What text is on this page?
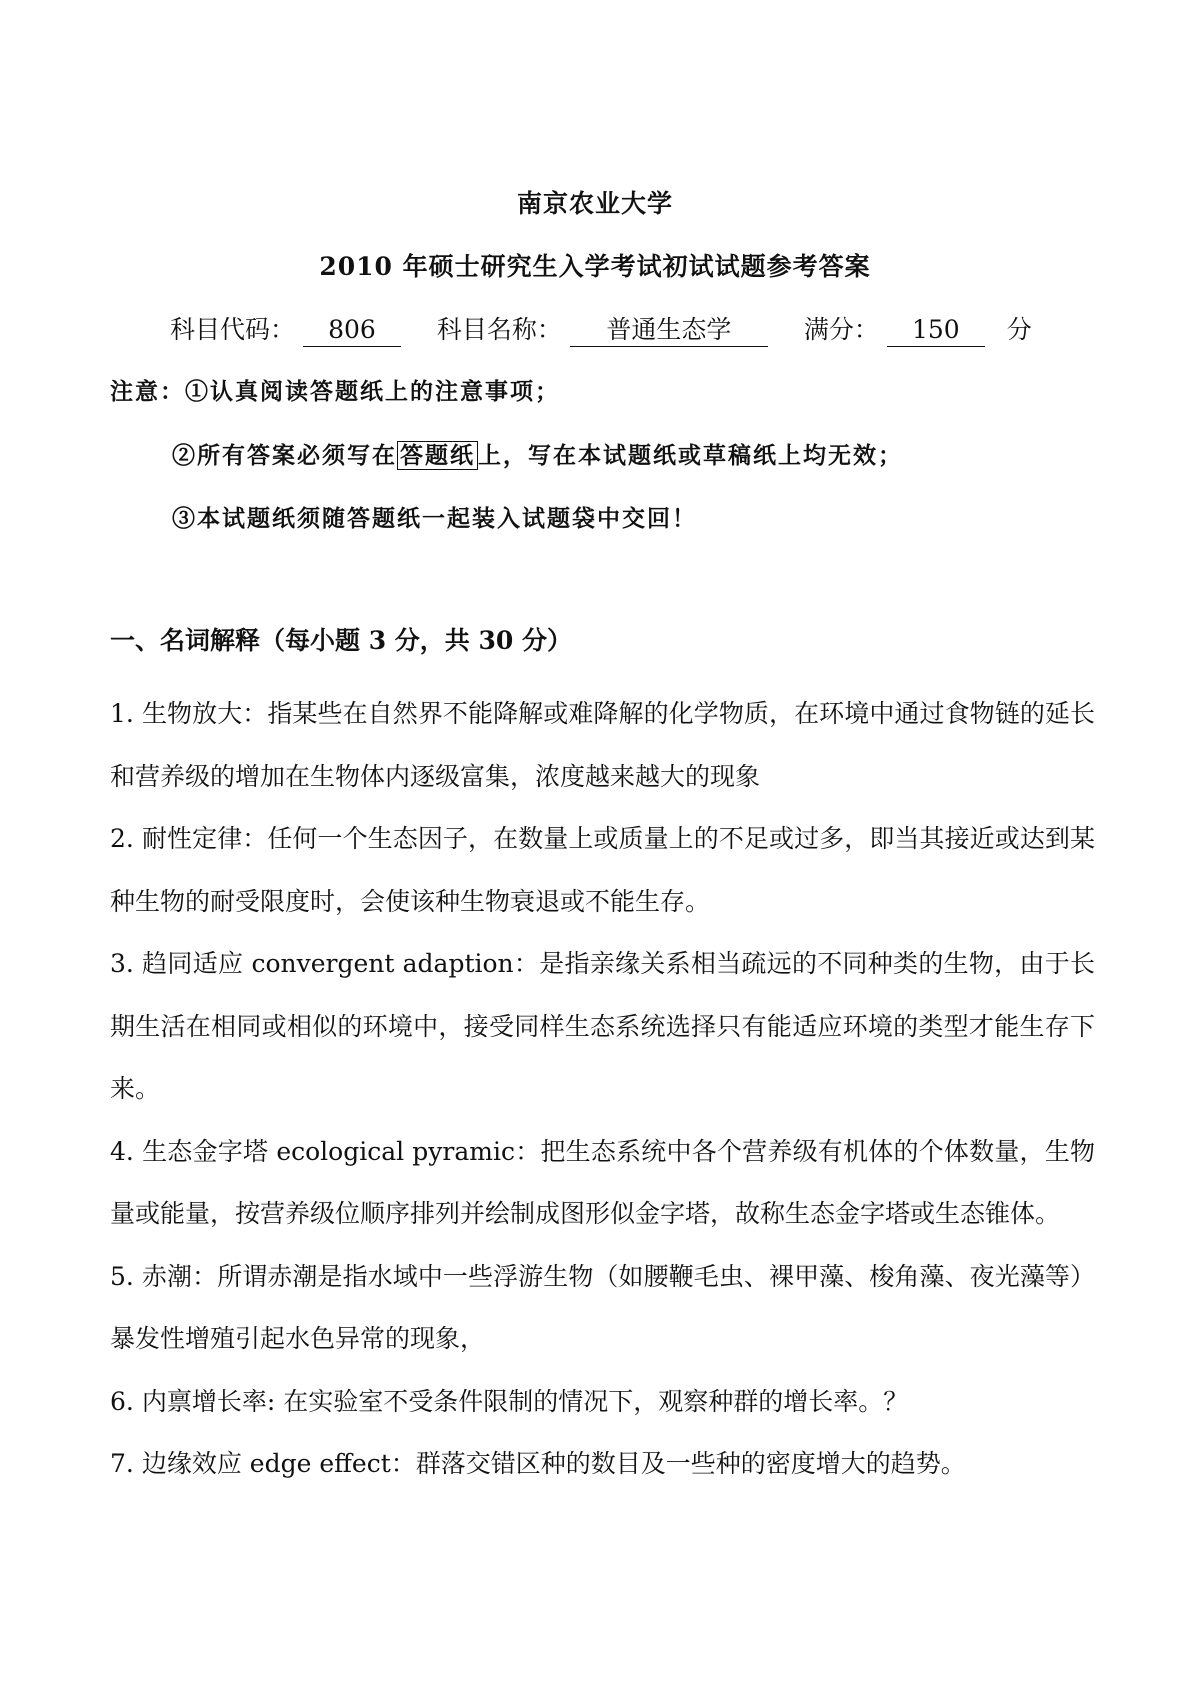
南京农业大学
2010 年硕士研究生入学考试初试试题参考答案
科目代码： 806 科目名称： 普通生态学	满分： 150 分
注意：①认真阅读答题纸上的注意事项；
②所有答案必须写在 答题纸 上，写在本试题纸或草稿纸上均无效；
③本试题纸须随答题纸一起装入试题袋中交回！
一、名词解释（每小题 3 分，共 30 分）

1. 生物放大：指某些在自然界不能降解或难降解的化学物质，在环境中通过食物链的延长和营养级的增加在生物体内逐级富集，浓度越来越大的现象

2. 耐性定律：任何一个生态因子，在数量上或质量上的不足或过多，即当其接近或达到某种生物的耐受限度时，会使该种生物衰退或不能生存。

3. 趋同适应 convergent adaption：是指亲缘关系相当疏远的不同种类的生物，由于长期生活在相同或相似的环境中，接受同样生态系统选择只有能适应环境的类型才能生存下来。

4. 生态金字塔 ecological pyramic：把生态系统中各个营养级有机体的个体数量，生物量或能量，按营养级位顺序排列并绘制成图形似金字塔，故称生态金字塔或生态锥体。

5. 赤潮：所谓赤潮是指水域中一些浮游生物（如腰鞭毛虫、裸甲藻、梭角藻、夜光藻等）暴发性增殖引起水色异常的现象，

6. 内禀增长率: 在实验室不受条件限制的情况下，观察种群的增长率。？

7. 边缘效应 edge effect：群落交错区种的数目及一些种的密度增大的趋势。
